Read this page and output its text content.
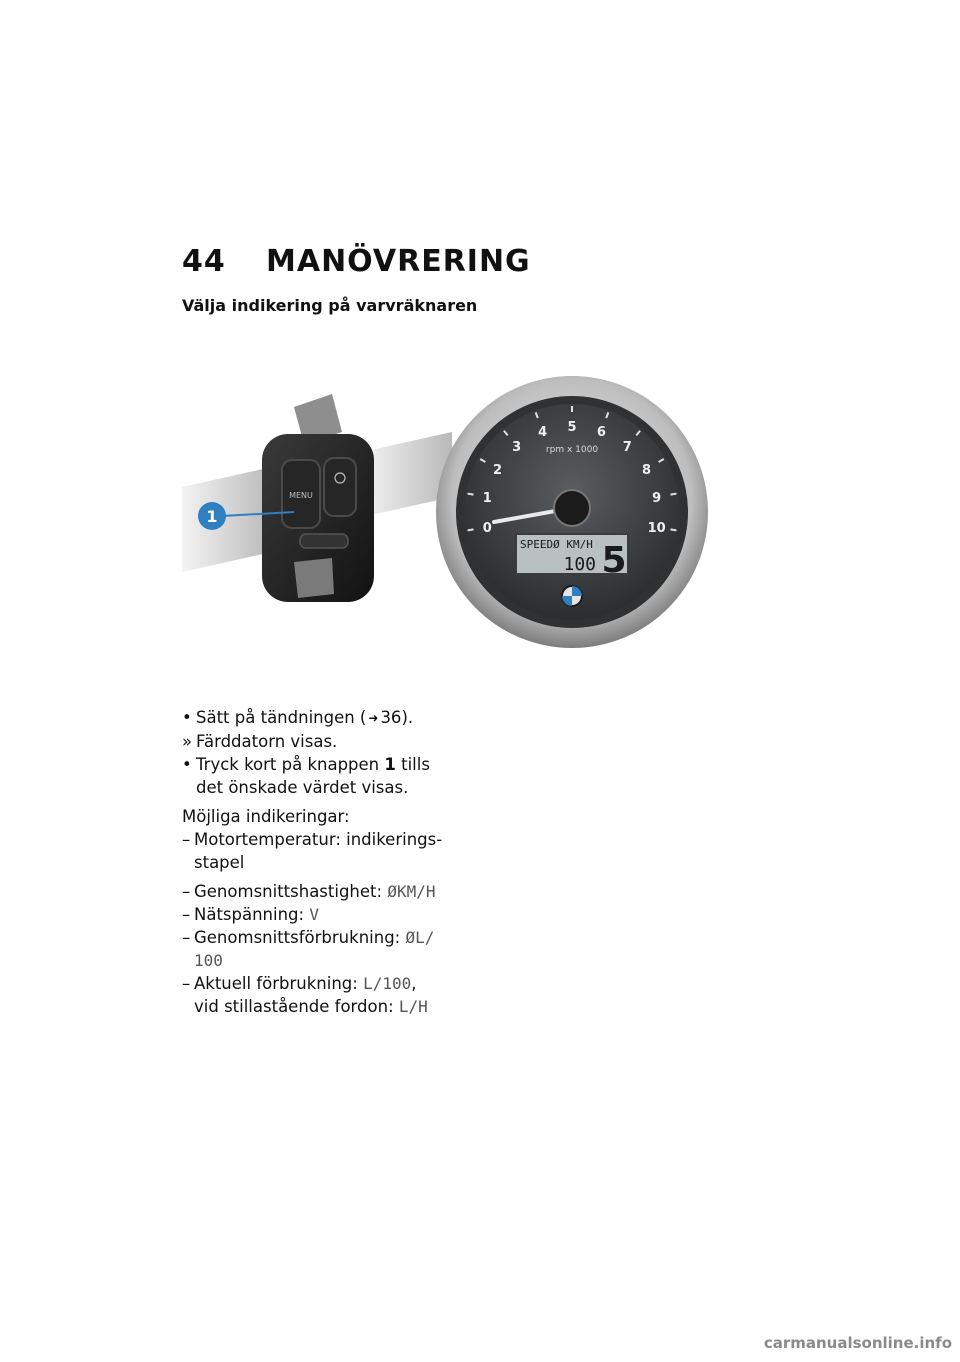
44 MANÖVRERING
Välja indikering på varvräknaren
MENU
1
0
1
2
3
4 5 6
7
8
9
10
rpm x 1000
SPEEDØ KM/H
100 5
• Sätt på tändningen ( ➜ 36).
» Färddatorn visas.
• Tryck kort på knappen 1 tills
det önskade värdet visas.
Möjliga indikeringar:
– Motortemperatur: indikerings-
stapel
– Genomsnittshastighet: ØKM/H
– Nätspänning: V
– Genomsnittsförbrukning: ØL/
100
– Aktuell förbrukning: L/100,
vid stillastående fordon: L/H
carmanualsonline.info
